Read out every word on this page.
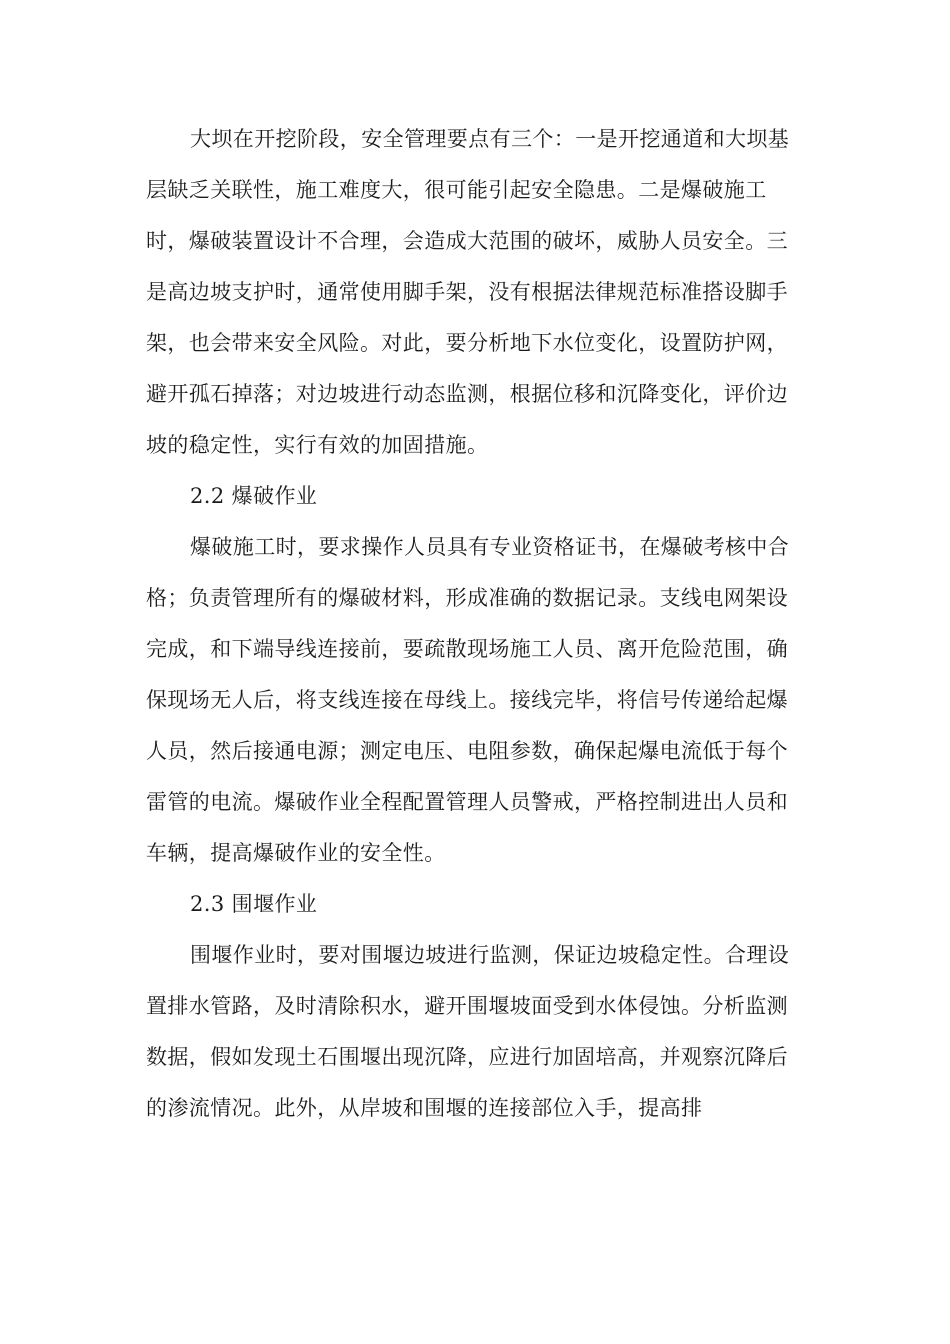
大坝在开挖阶段，安全管理要点有三个：一是开挖通道和大坝基层缺乏关联性，施工难度大，很可能引起安全隐患。二是爆破施工时，爆破装置设计不合理，会造成大范围的破坏，威胁人员安全。三是高边坡支护时，通常使用脚手架，没有根据法律规范标准搭设脚手架，也会带来安全风险。对此，要分析地下水位变化，设置防护网，避开孤石掉落；对边坡进行动态监测，根据位移和沉降变化，评价边坡的稳定性，实行有效的加固措施。

2.2 爆破作业

爆破施工时，要求操作人员具有专业资格证书，在爆破考核中合格；负责管理所有的爆破材料，形成准确的数据记录。支线电网架设完成，和下端导线连接前，要疏散现场施工人员、离开危险范围，确保现场无人后，将支线连接在母线上。接线完毕，将信号传递给起爆人员，然后接通电源；测定电压、电阻参数，确保起爆电流低于每个雷管的电流。爆破作业全程配置管理人员警戒，严格控制进出人员和车辆，提高爆破作业的安全性。

2.3 围堰作业

围堰作业时，要对围堰边坡进行监测，保证边坡稳定性。合理设置排水管路，及时清除积水，避开围堰坡面受到水体侵蚀。分析监测数据，假如发现土石围堰出现沉降，应进行加固培高，并观察沉降后的渗流情况。此外，从岸坡和围堰的连接部位入手，提高排
